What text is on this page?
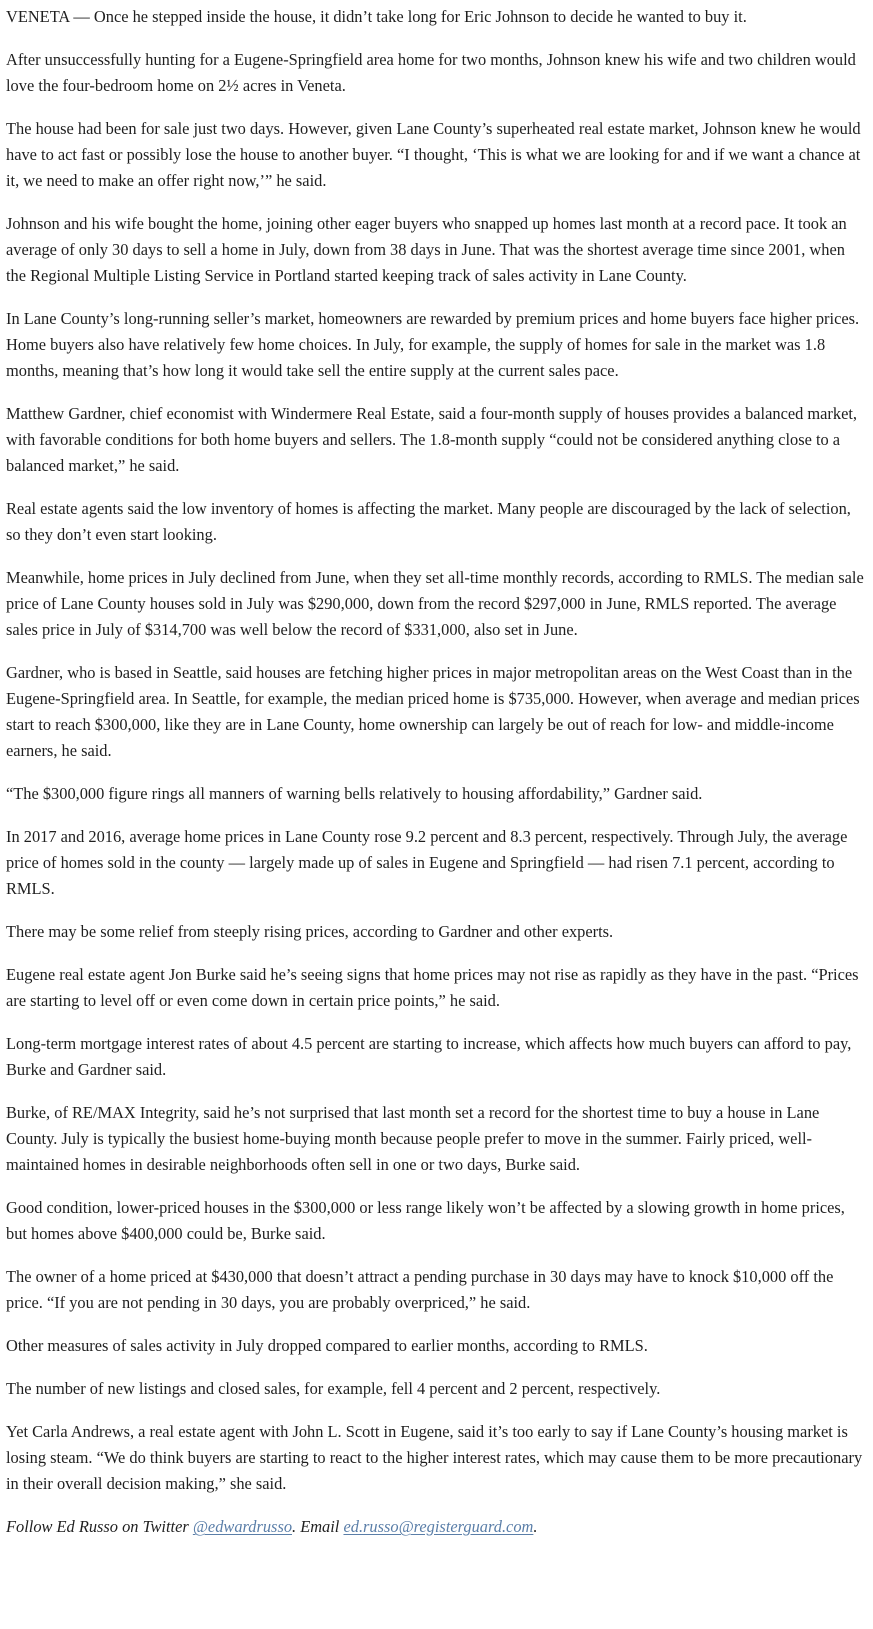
VENETA — Once he stepped inside the house, it didn’t take long for Eric Johnson to decide he wanted to buy it.

After unsuccessfully hunting for a Eugene-Springfield area home for two months, Johnson knew his wife and two children would love the four-bedroom home on 2½ acres in Veneta.

The house had been for sale just two days. However, given Lane County’s superheated real estate market, Johnson knew he would have to act fast or possibly lose the house to another buyer. “I thought, ‘This is what we are looking for and if we want a chance at it, we need to make an offer right now,’” he said.

Johnson and his wife bought the home, joining other eager buyers who snapped up homes last month at a record pace. It took an average of only 30 days to sell a home in July, down from 38 days in June. That was the shortest average time since 2001, when the Regional Multiple Listing Service in Portland started keeping track of sales activity in Lane County.

In Lane County’s long-running seller’s market, homeowners are rewarded by premium prices and home buyers face higher prices. Home buyers also have relatively few home choices. In July, for example, the supply of homes for sale in the market was 1.8 months, meaning that’s how long it would take sell the entire supply at the current sales pace.

Matthew Gardner, chief economist with Windermere Real Estate, said a four-month supply of houses provides a balanced market, with favorable conditions for both home buyers and sellers. The 1.8-month supply “could not be considered anything close to a balanced market,” he said.

Real estate agents said the low inventory of homes is affecting the market. Many people are discouraged by the lack of selection, so they don’t even start looking.

Meanwhile, home prices in July declined from June, when they set all-time monthly records, according to RMLS. The median sale price of Lane County houses sold in July was $290,000, down from the record $297,000 in June, RMLS reported. The average sales price in July of $314,700 was well below the record of $331,000, also set in June.

Gardner, who is based in Seattle, said houses are fetching higher prices in major metropolitan areas on the West Coast than in the Eugene-Springfield area. In Seattle, for example, the median priced home is $735,000. However, when average and median prices start to reach $300,000, like they are in Lane County, home ownership can largely be out of reach for low- and middle-income earners, he said.

“The $300,000 figure rings all manners of warning bells relatively to housing affordability,” Gardner said.

In 2017 and 2016, average home prices in Lane County rose 9.2 percent and 8.3 percent, respectively. Through July, the average price of homes sold in the county — largely made up of sales in Eugene and Springfield — had risen 7.1 percent, according to RMLS.

There may be some relief from steeply rising prices, according to Gardner and other experts.

Eugene real estate agent Jon Burke said he’s seeing signs that home prices may not rise as rapidly as they have in the past. “Prices are starting to level off or even come down in certain price points,” he said.

Long-term mortgage interest rates of about 4.5 percent are starting to increase, which affects how much buyers can afford to pay, Burke and Gardner said.

Burke, of RE/MAX Integrity, said he’s not surprised that last month set a record for the shortest time to buy a house in Lane County. July is typically the busiest home-buying month because people prefer to move in the summer. Fairly priced, well-maintained homes in desirable neighborhoods often sell in one or two days, Burke said.

Good condition, lower-priced houses in the $300,000 or less range likely won’t be affected by a slowing growth in home prices, but homes above $400,000 could be, Burke said.

The owner of a home priced at $430,000 that doesn’t attract a pending purchase in 30 days may have to knock $10,000 off the price. “If you are not pending in 30 days, you are probably overpriced,” he said.

Other measures of sales activity in July dropped compared to earlier months, according to RMLS.

The number of new listings and closed sales, for example, fell 4 percent and 2 percent, respectively.

Yet Carla Andrews, a real estate agent with John L. Scott in Eugene, said it’s too early to say if Lane County’s housing market is losing steam. “We do think buyers are starting to react to the higher interest rates, which may cause them to be more precautionary in their overall decision making,” she said.

Follow Ed Russo on Twitter @edwardrusso. Email ed.russo@registerguard.com.
